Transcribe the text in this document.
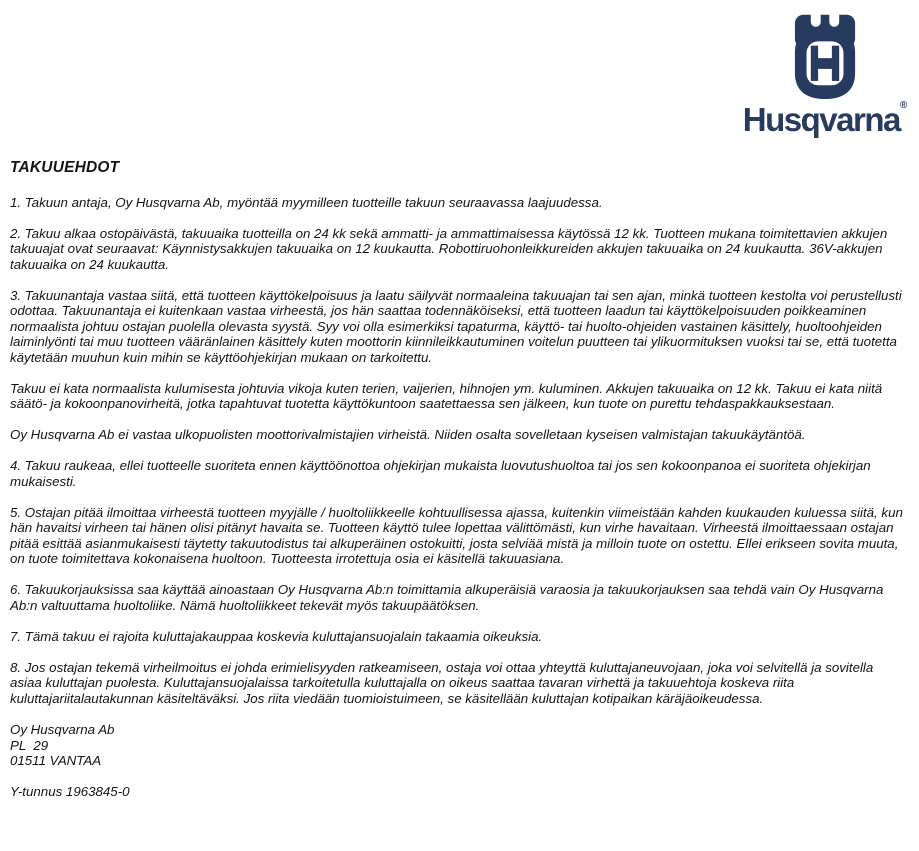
Husqvarna®
TAKUUEHDOT

1. Takuun antaja, Oy Husqvarna Ab, myöntää myymilleen tuotteille takuun seuraavassa laajuudessa.

2. Takuu alkaa ostopäivästä, takuuaika tuotteilla on 24 kk sekä ammatti- ja ammattimaisessa käytössä 12 kk. Tuotteen mukana toimitettavien akkujen takuuajat ovat seuraavat: Käynnistysakkujen takuuaika on 12 kuukautta. Robottiruohonleikkureiden akkujen takuuaika on 24 kuukautta. 36V-akkujen takuuaika on 24 kuukautta.

3. Takuunantaja vastaa siitä, että tuotteen käyttökelpoisuus ja laatu säilyvät normaaleina takuuajan tai sen ajan, minkä tuotteen kestolta voi perustellusti odottaa. Takuunantaja ei kuitenkaan vastaa virheestä, jos hän saattaa todennäköiseksi, että tuotteen laadun tai käyttökelpoisuuden poikkeaminen normaalista johtuu ostajan puolella olevasta syystä. Syy voi olla esimerkiksi tapaturma, käyttö- tai huolto-ohjeiden vastainen käsittely, huoltoohjeiden laiminlyönti tai muu tuotteen vääränlainen käsittely kuten moottorin kiinnileikkautuminen voitelun puutteen tai ylikuormituksen vuoksi tai se, että tuotetta käytetään muuhun kuin mihin se käyttöohjekirjan mukaan on tarkoitettu.

Takuu ei kata normaalista kulumisesta johtuvia vikoja kuten terien, vaijerien, hihnojen ym. kuluminen. Akkujen takuuaika on 12 kk. Takuu ei kata niitä säätö- ja kokoonpanovirheitä, jotka tapahtuvat tuotetta käyttökuntoon saatettaessa sen jälkeen, kun tuote on purettu tehdaspakkauksestaan.

Oy Husqvarna Ab ei vastaa ulkopuolisten moottorivalmistajien virheistä. Niiden osalta sovelletaan kyseisen valmistajan takuukäytäntöä.

4. Takuu raukeaa, ellei tuotteelle suoriteta ennen käyttöönottoa ohjekirjan mukaista luovutushuoltoa tai jos sen kokoonpanoa ei suoriteta ohjekirjan mukaisesti.

5. Ostajan pitää ilmoittaa virheestä tuotteen myyjälle / huoltoliikkeelle kohtuullisessa ajassa, kuitenkin viimeistään kahden kuukauden kuluessa siitä, kun hän havaitsi virheen tai hänen olisi pitänyt havaita se. Tuotteen käyttö tulee lopettaa välittömästi, kun virhe havaitaan. Virheestä ilmoittaessaan ostajan pitää esittää asianmukaisesti täytetty takuutodistus tai alkuperäinen ostokuitti, josta selviää mistä ja milloin tuote on ostettu. Ellei erikseen sovita muuta, on tuote toimitettava kokonaisena huoltoon. Tuotteesta irrotettuja osia ei käsitellä takuuasiana.

6. Takuukorjauksissa saa käyttää ainoastaan Oy Husqvarna Ab:n toimittamia alkuperäisiä varaosia ja takuukorjauksen saa tehdä vain Oy Husqvarna Ab:n valtuuttama huoltoliike. Nämä huoltoliikkeet tekevät myös takuupäätöksen.

7. Tämä takuu ei rajoita kuluttajakauppaa koskevia kuluttajansuojalain takaamia oikeuksia.

8. Jos ostajan tekemä virheilmoitus ei johda erimielisyyden ratkeamiseen, ostaja voi ottaa yhteyttä kuluttajaneuvojaan, joka voi selvitellä ja sovitella asiaa kuluttajan puolesta. Kuluttajansuojalaissa tarkoitetulla kuluttajalla on oikeus saattaa tavaran virhettä ja takuuehtoja koskeva riita kuluttajariitalautakunnan käsiteltäväksi. Jos riita viedään tuomioistuimeen, se käsitellään kuluttajan kotipaikan käräjäoikeudessa.

Oy Husqvarna Ab

PL  29

01511 VANTAA

Y-tunnus 1963845-0
